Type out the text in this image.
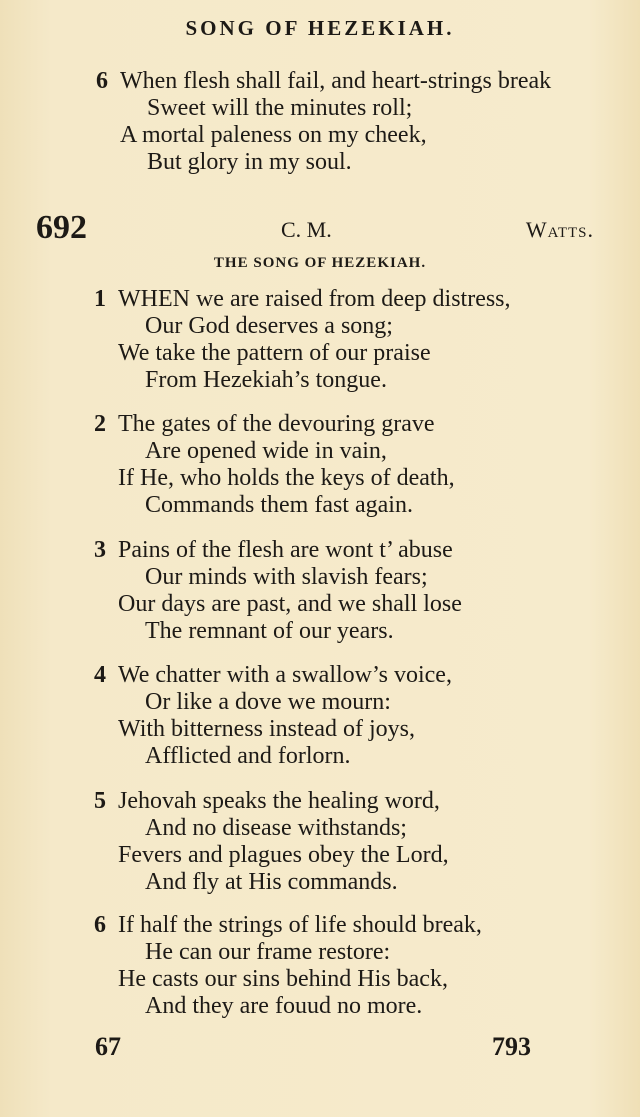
SONG OF HEZEKIAH.
6 When flesh shall fail, and heart-strings break
Sweet will the minutes roll;
A mortal paleness on my cheek,
But glory in my soul.
692	C. M.	Watts.
THE SONG OF HEZEKIAH.
1 WHEN we are raised from deep distress,
Our God deserves a song;
We take the pattern of our praise
From Hezekiah’s tongue.
2 The gates of the devouring grave
Are opened wide in vain,
If He, who holds the keys of death,
Commands them fast again.
3 Pains of the flesh are wont t’ abuse
Our minds with slavish fears;
Our days are past, and we shall lose
The remnant of our years.
4 We chatter with a swallow’s voice,
Or like a dove we mourn:
With bitterness instead of joys,
Afflicted and forlorn.
5 Jehovah speaks the healing word,
And no disease withstands;
Fevers and plagues obey the Lord,
And fly at His commands.
6 If half the strings of life should break,
He can our frame restore:
He casts our sins behind His back,
And they are fouud no more.
67	793
